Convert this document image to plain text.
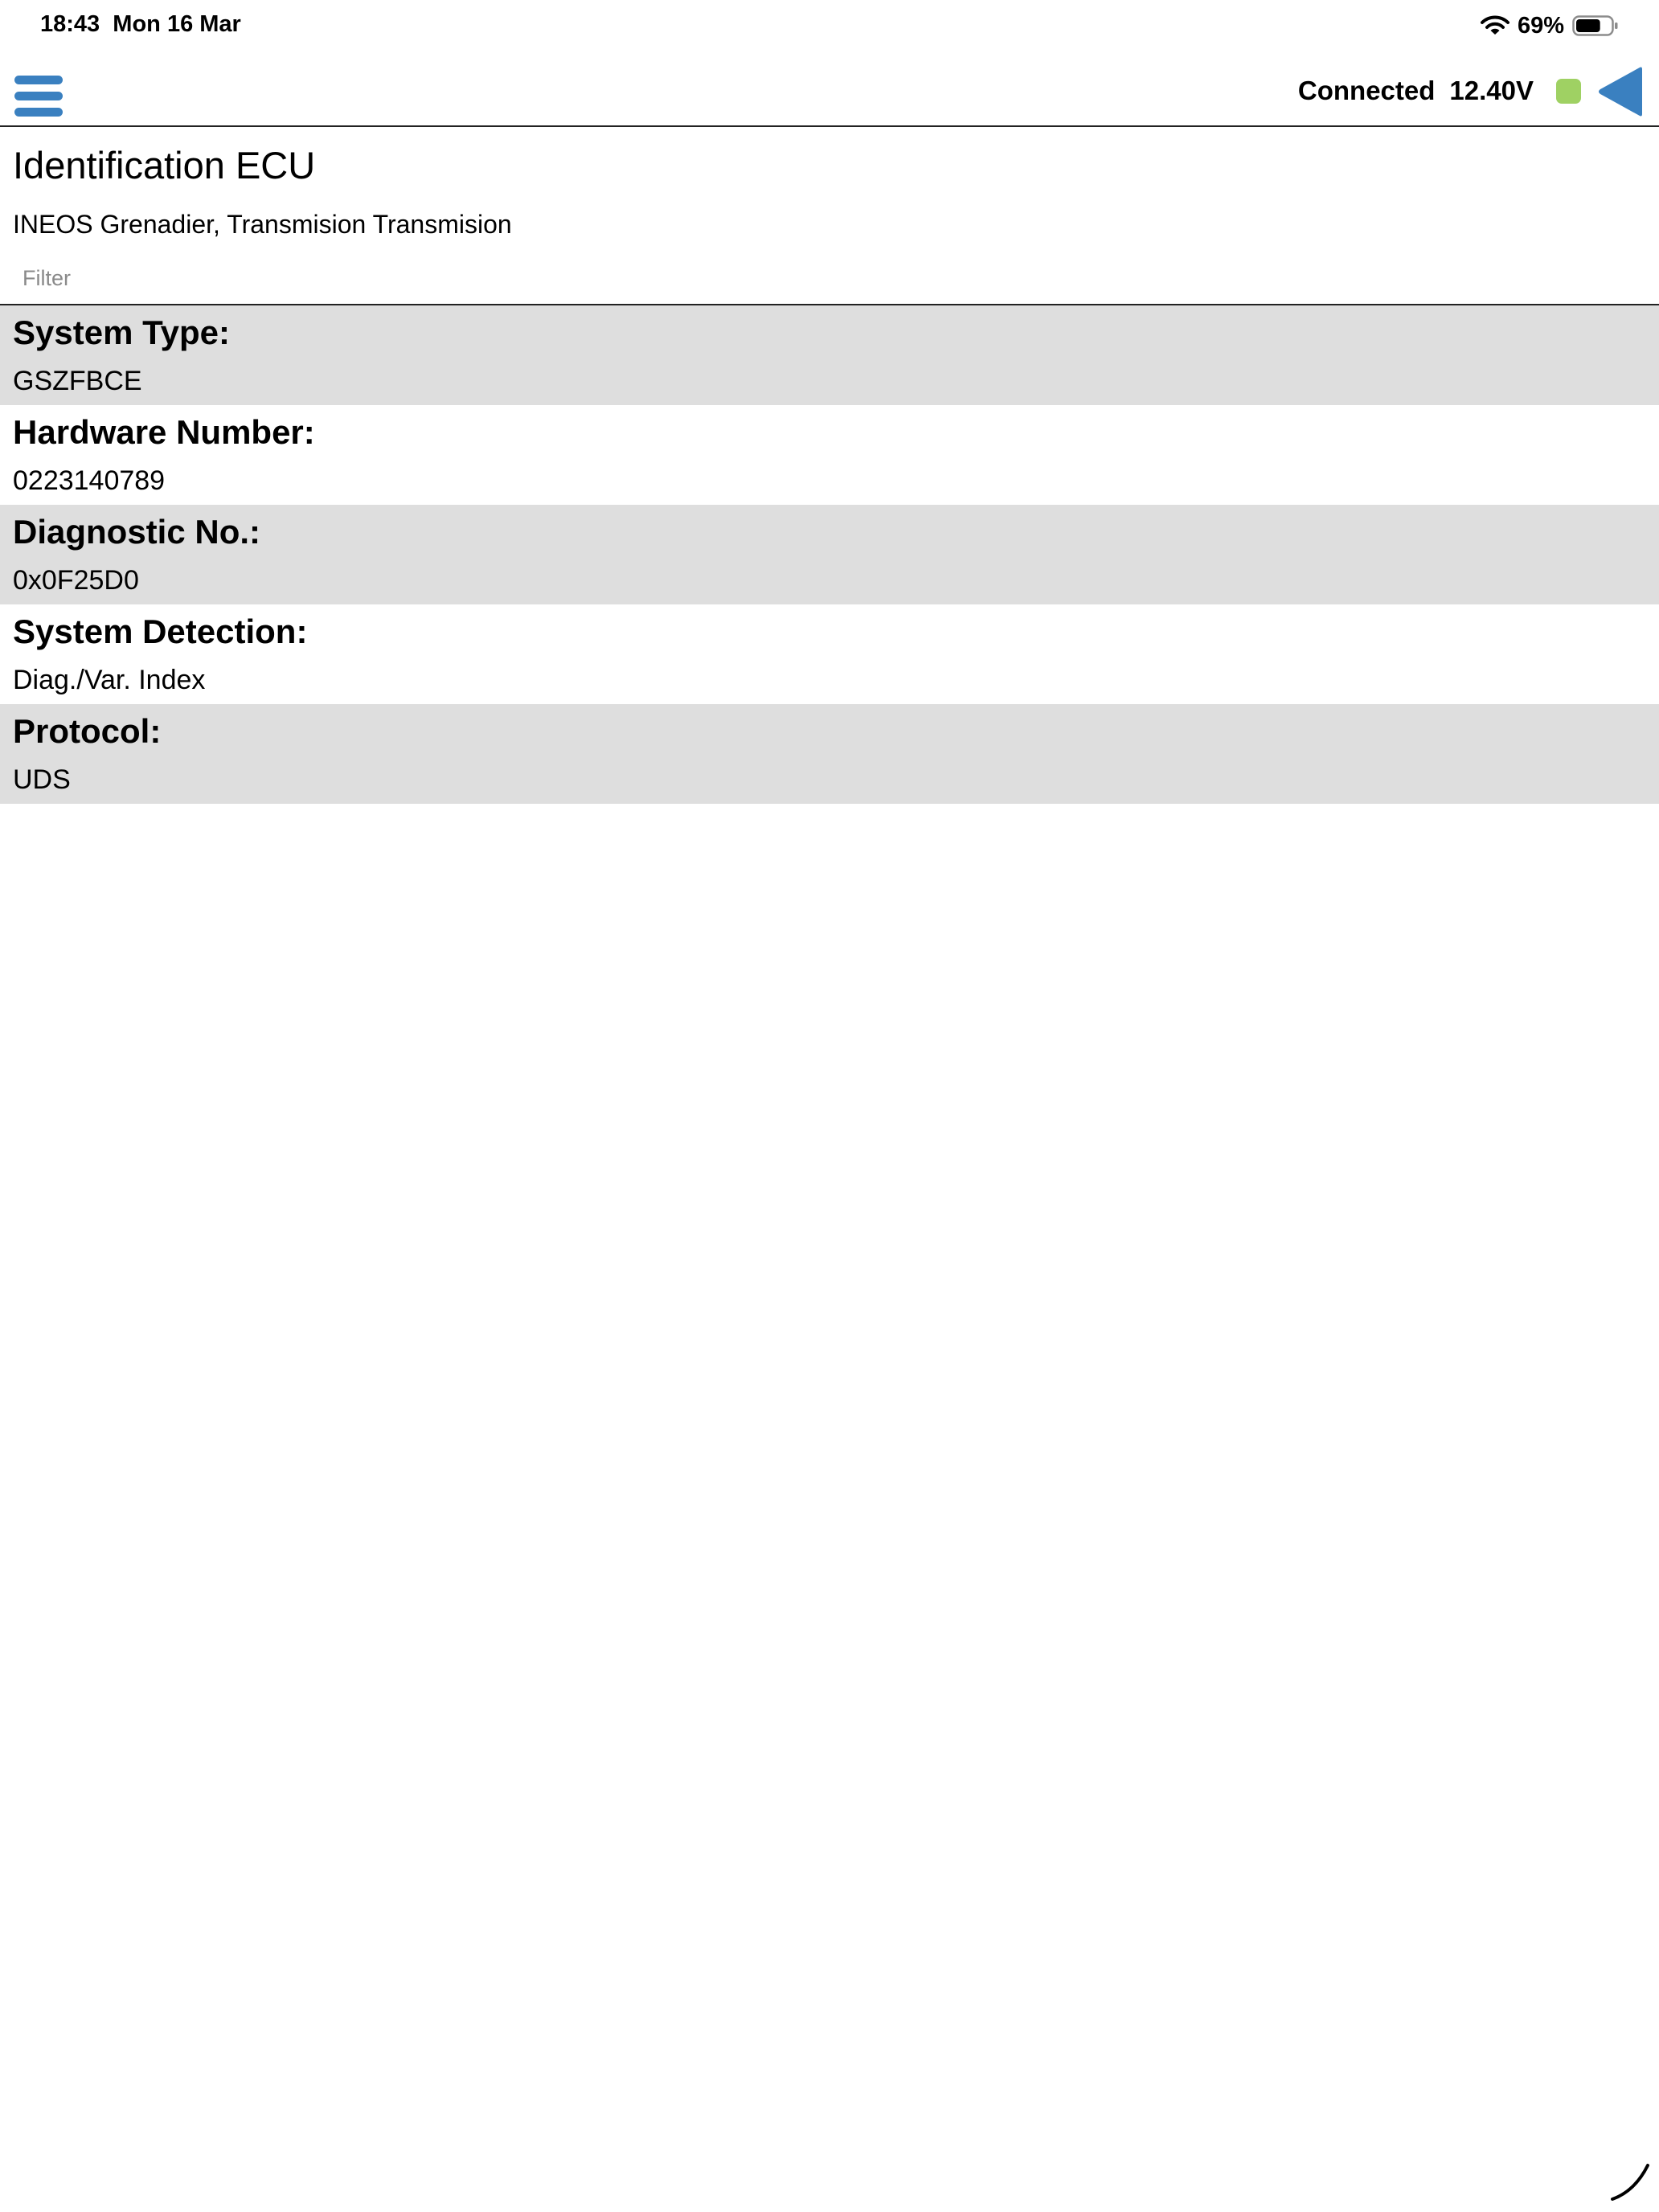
18:43 Mon 16 Mar	69%
Connected 12.40V
Identification ECU
INEOS Grenadier, Transmision Transmision
Filter
System Type:
GSZFBCE
Hardware Number:
0223140789
Diagnostic No.:
0x0F25D0
System Detection:
Diag./Var. Index
Protocol:
UDS
